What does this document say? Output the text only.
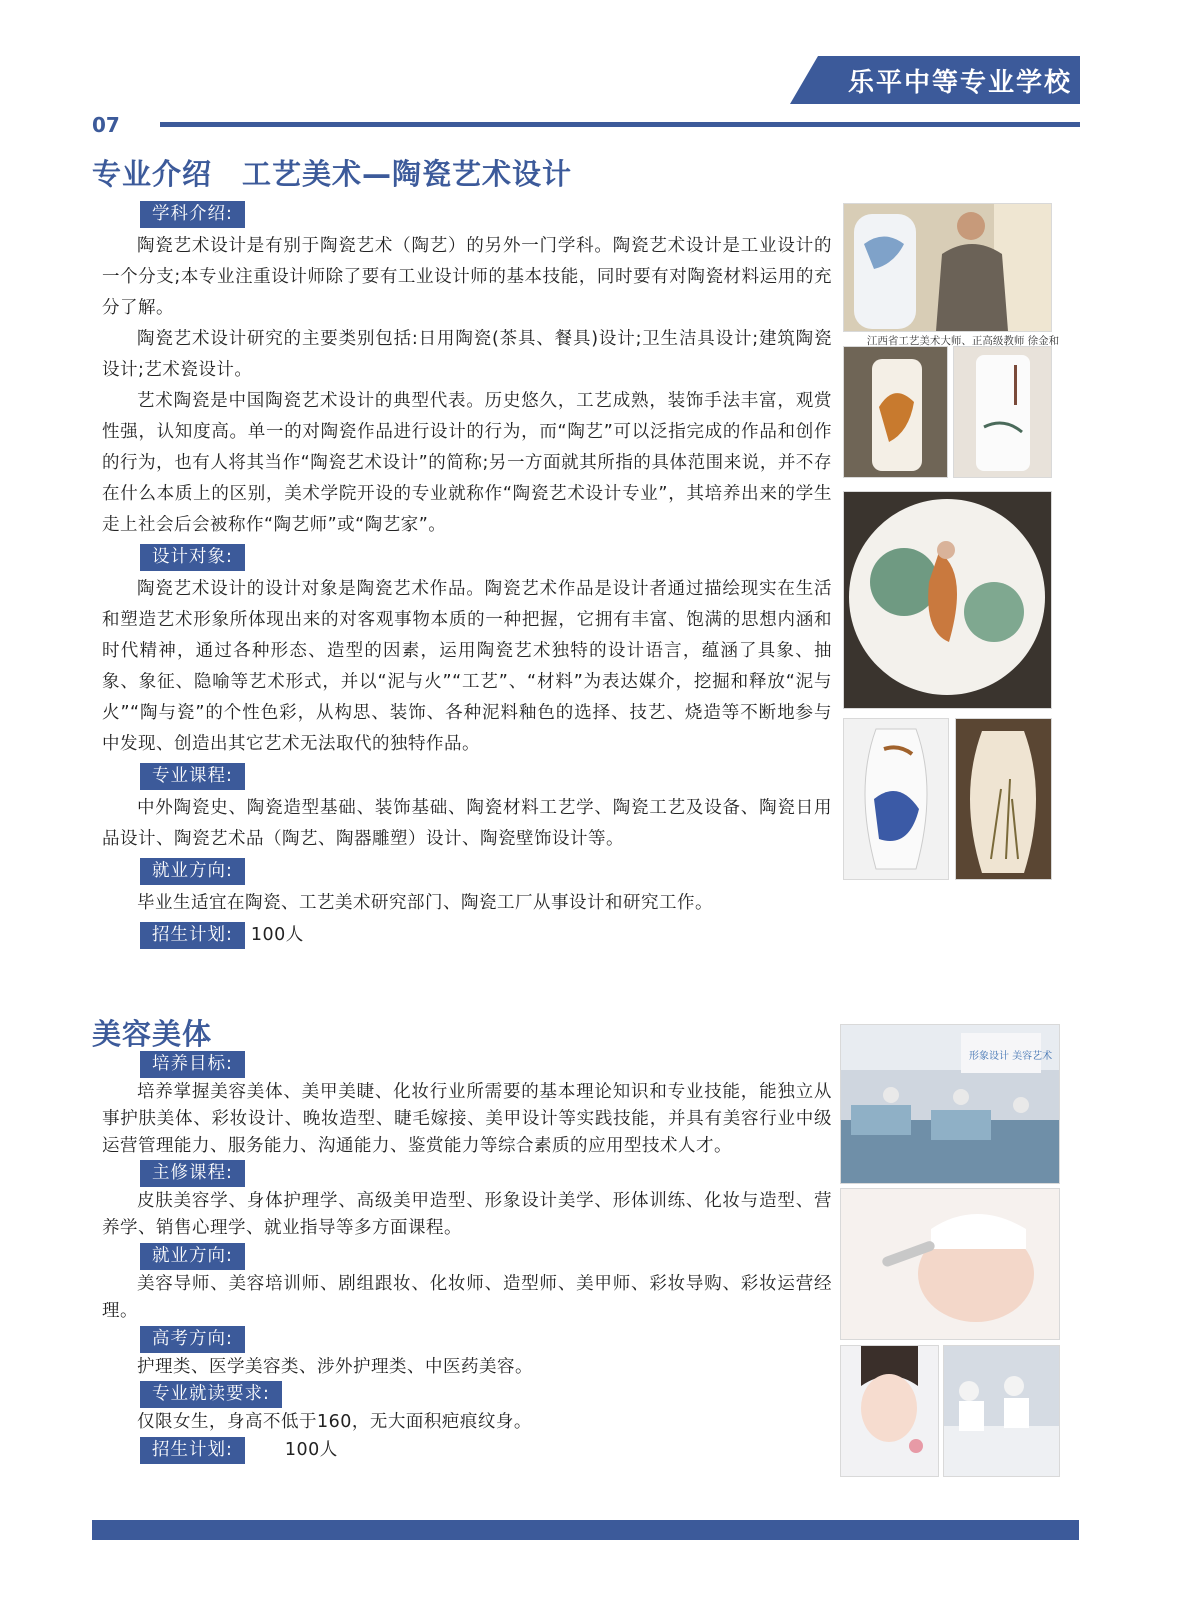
乐平中等专业学校
07
专业介绍　工艺美术—陶瓷艺术设计
学科介绍:

陶瓷艺术设计是有别于陶瓷艺术（陶艺）的另外一门学科。陶瓷艺术设计是工业设计的一个分支;本专业注重设计师除了要有工业设计师的基本技能，同时要有对陶瓷材料运用的充分了解。

陶瓷艺术设计研究的主要类别包括:日用陶瓷(茶具、餐具)设计;卫生洁具设计;建筑陶瓷设计;艺术瓷设计。

艺术陶瓷是中国陶瓷艺术设计的典型代表。历史悠久，工艺成熟，装饰手法丰富，观赏性强，认知度高。单一的对陶瓷作品进行设计的行为，而“陶艺”可以泛指完成的作品和创作的行为，也有人将其当作“陶瓷艺术设计”的简称;另一方面就其所指的具体范围来说，并不存在什么本质上的区别，美术学院开设的专业就称作“陶瓷艺术设计专业”，其培养出来的学生走上社会后会被称作“陶艺师”或“陶艺家”。

设计对象:

陶瓷艺术设计的设计对象是陶瓷艺术作品。陶瓷艺术作品是设计者通过描绘现实在生活和塑造艺术形象所体现出来的对客观事物本质的一种把握，它拥有丰富、饱满的思想内涵和时代精神，通过各种形态、造型的因素，运用陶瓷艺术独特的设计语言，蕴涵了具象、抽象、象征、隐喻等艺术形式，并以“泥与火”“工艺”、“材料”为表达媒介，挖掘和释放“泥与火”“陶与瓷”的个性色彩，从构思、装饰、各种泥料釉色的选择、技艺、烧造等不断地参与中发现、创造出其它艺术无法取代的独特作品。

专业课程:

中外陶瓷史、陶瓷造型基础、装饰基础、陶瓷材料工艺学、陶瓷工艺及设备、陶瓷日用品设计、陶瓷艺术品（陶艺、陶器雕塑）设计、陶瓷壁饰设计等。

就业方向:

毕业生适宜在陶瓷、工艺美术研究部门、陶瓷工厂从事设计和研究工作。

招生计划: 100人
江西省工艺美术大师、正高级教师 徐金和
美容美体
培养目标:

培养掌握美容美体、美甲美睫、化妆行业所需要的基本理论知识和专业技能，能独立从事护肤美体、彩妆设计、晚妆造型、睫毛嫁接、美甲设计等实践技能，并具有美容行业中级运营管理能力、服务能力、沟通能力、鉴赏能力等综合素质的应用型技术人才。

主修课程:

皮肤美容学、身体护理学、高级美甲造型、形象设计美学、形体训练、化妆与造型、营养学、销售心理学、就业指导等多方面课程。

就业方向:

美容导师、美容培训师、剧组跟妆、化妆师、造型师、美甲师、彩妆导购、彩妆运营经理。

高考方向:

护理类、医学美容类、涉外护理类、中医药美容。

专业就读要求:

仅限女生，身高不低于160，无大面积疤痕纹身。

招生计划:	100人
形象设计 美容艺术
